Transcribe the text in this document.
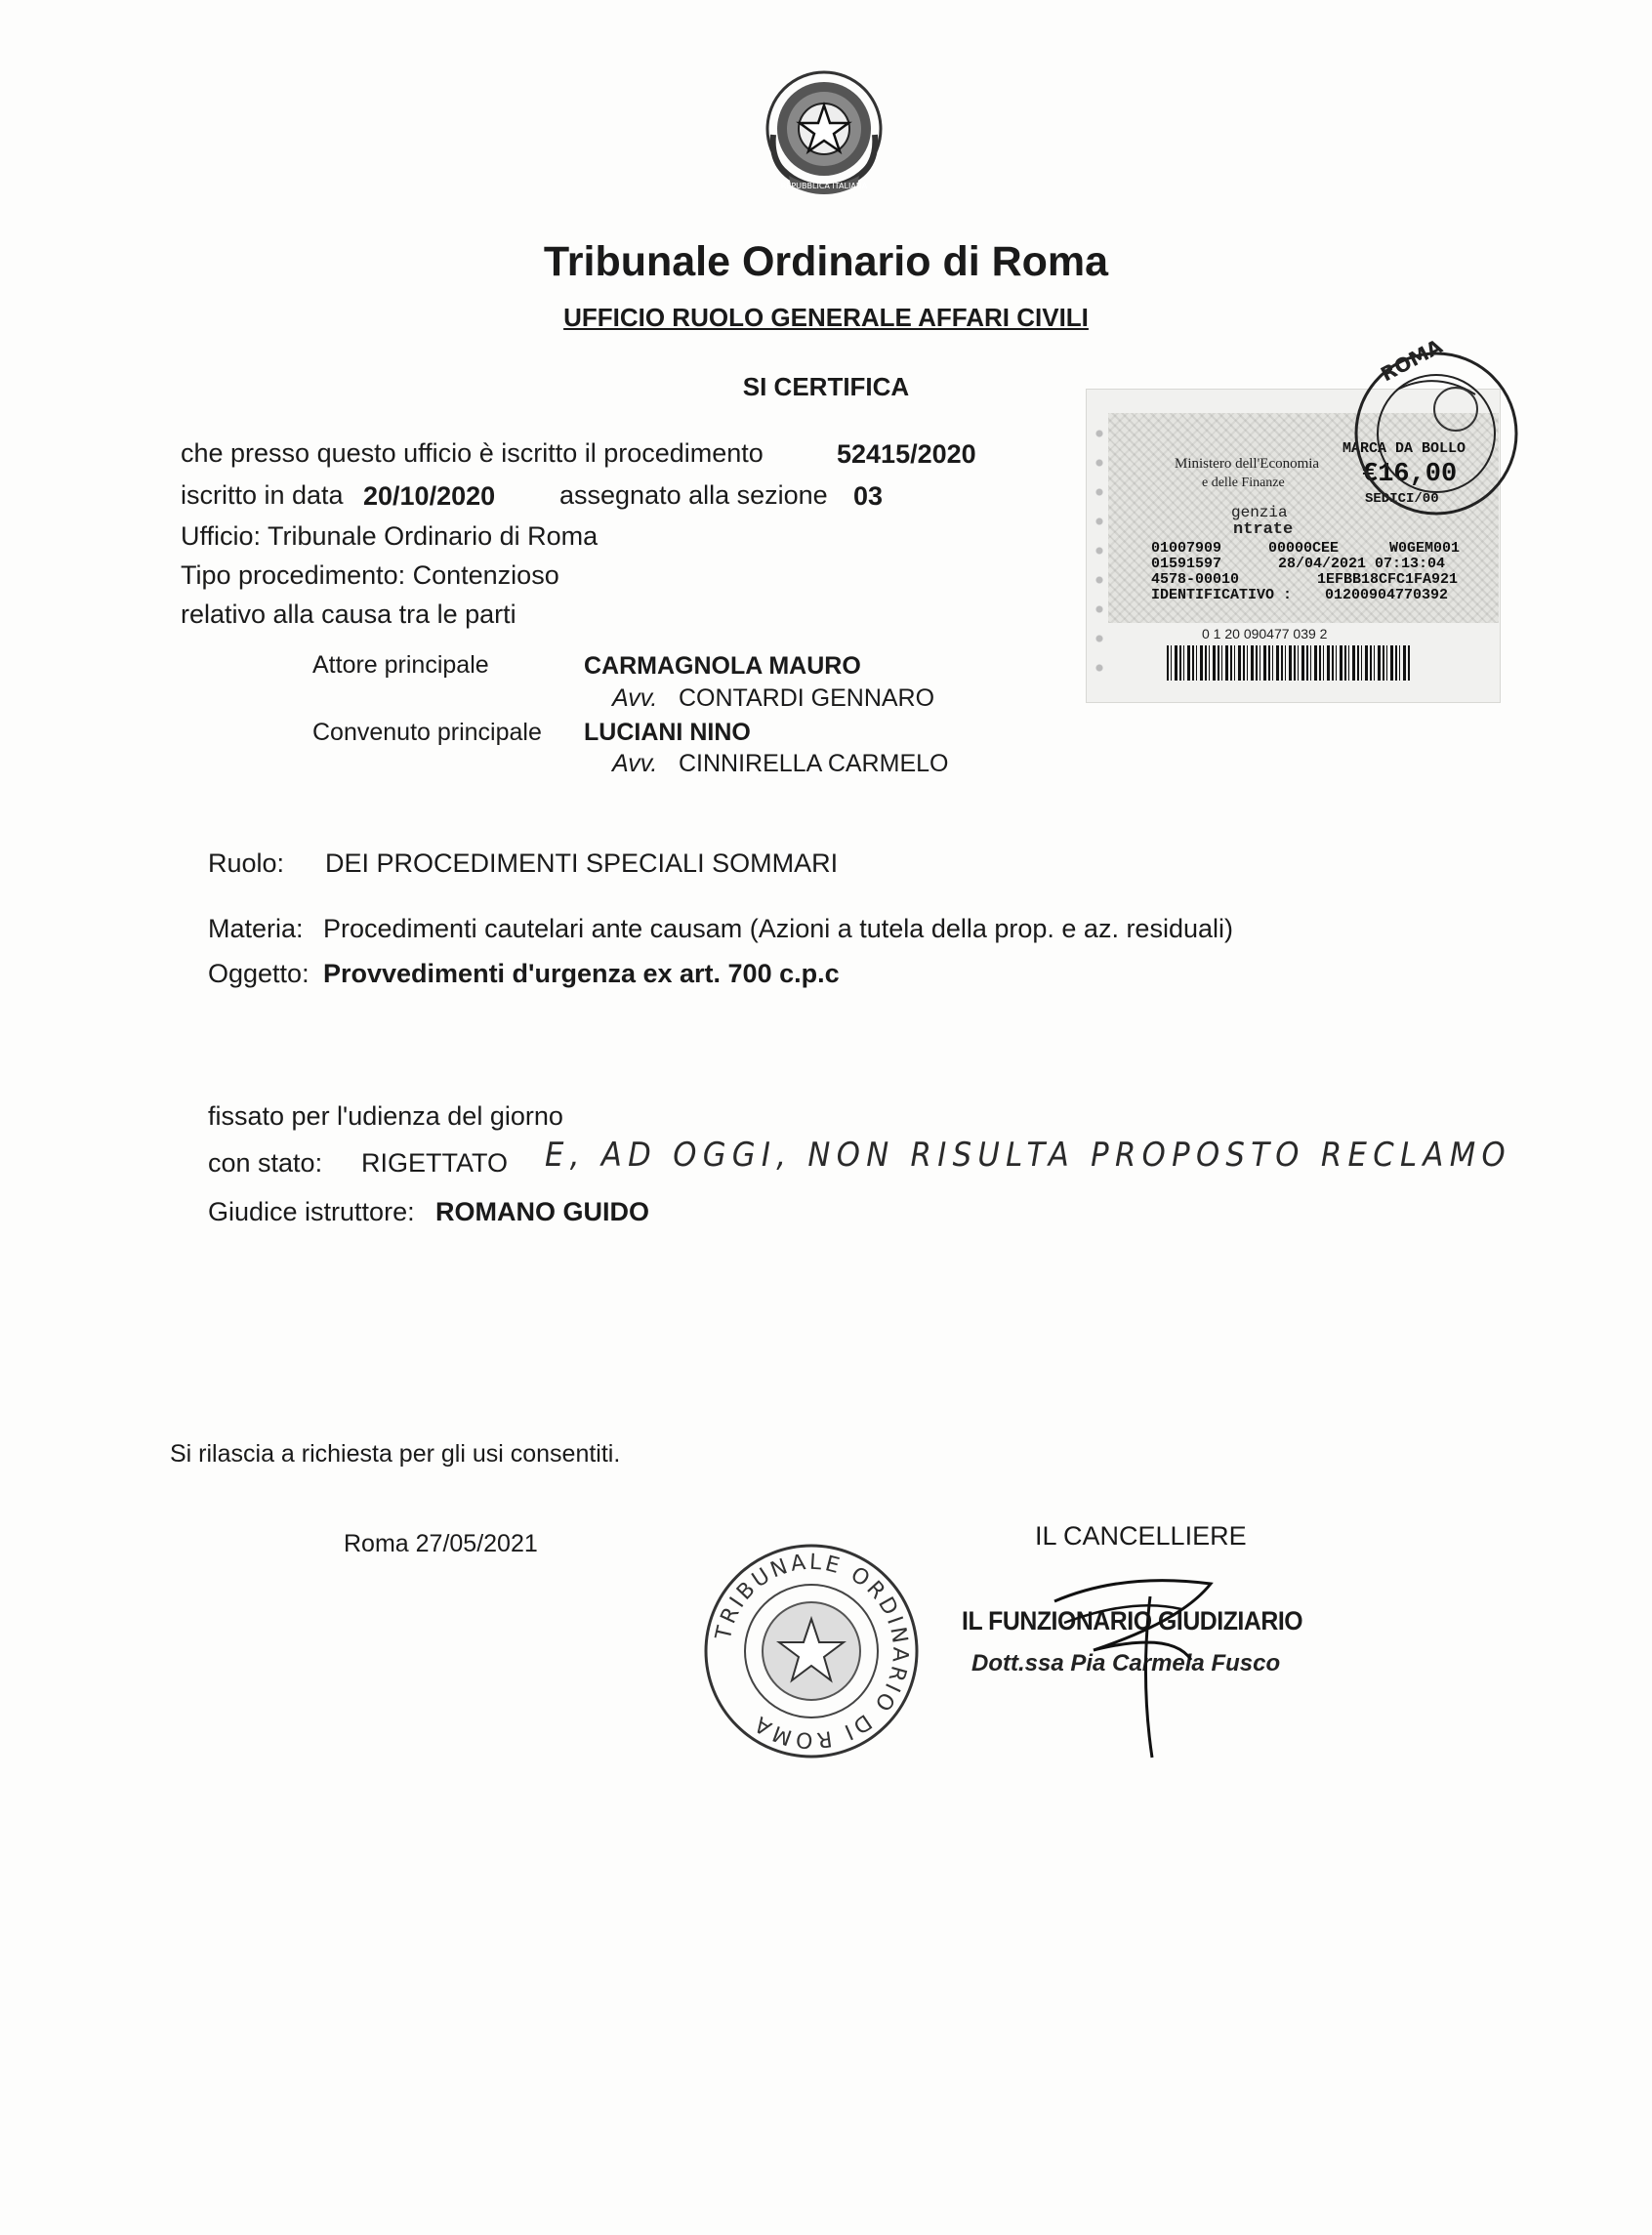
REPUBBLICA ITALIANA
Tribunale Ordinario di Roma
UFFICIO RUOLO GENERALE AFFARI CIVILI
SI CERTIFICA
Ministero dell'Economia
e delle Finanze
genzia
ntrate
MARCA DA BOLLO
€16,00
SEDICI/00
01007909	00000CEE	W0GEM001
01591597	28/04/2021 07:13:04
4578-00010	1EFBB18CFC1FA921
IDENTIFICATIVO : 01200904770392
0 1 20 090477 039 2
ROMA
che presso questo ufficio è iscritto il procedimento	52415/2020
iscritto in data 20/10/2020 assegnato alla sezione 03
Ufficio: Tribunale Ordinario di Roma
Tipo procedimento: Contenzioso
relativo alla causa tra le parti
Attore principale	CARMAGNOLA MAURO
Avv. CONTARDI GENNARO
Convenuto principale LUCIANI NINO
Avv. CINNIRELLA CARMELO
Ruolo: DEI PROCEDIMENTI SPECIALI SOMMARI
Materia: Procedimenti cautelari ante causam (Azioni a tutela della prop. e az. residuali)
Oggetto: Provvedimenti d'urgenza ex art. 700 c.p.c
fissato per l'udienza del giorno
con stato: RIGETTATO E, AD OGGI, NON RISULTA PROPOSTO RECLAMO
Giudice istruttore: ROMANO GUIDO
Si rilascia a richiesta per gli usi consentiti.
Roma 27/05/2021	IL CANCELLIERE
TRIBUNALE ORDINARIO DI ROMA
IL FUNZIONARIO GIUDIZIARIO
Dott.ssa Pia Carmela Fusco
